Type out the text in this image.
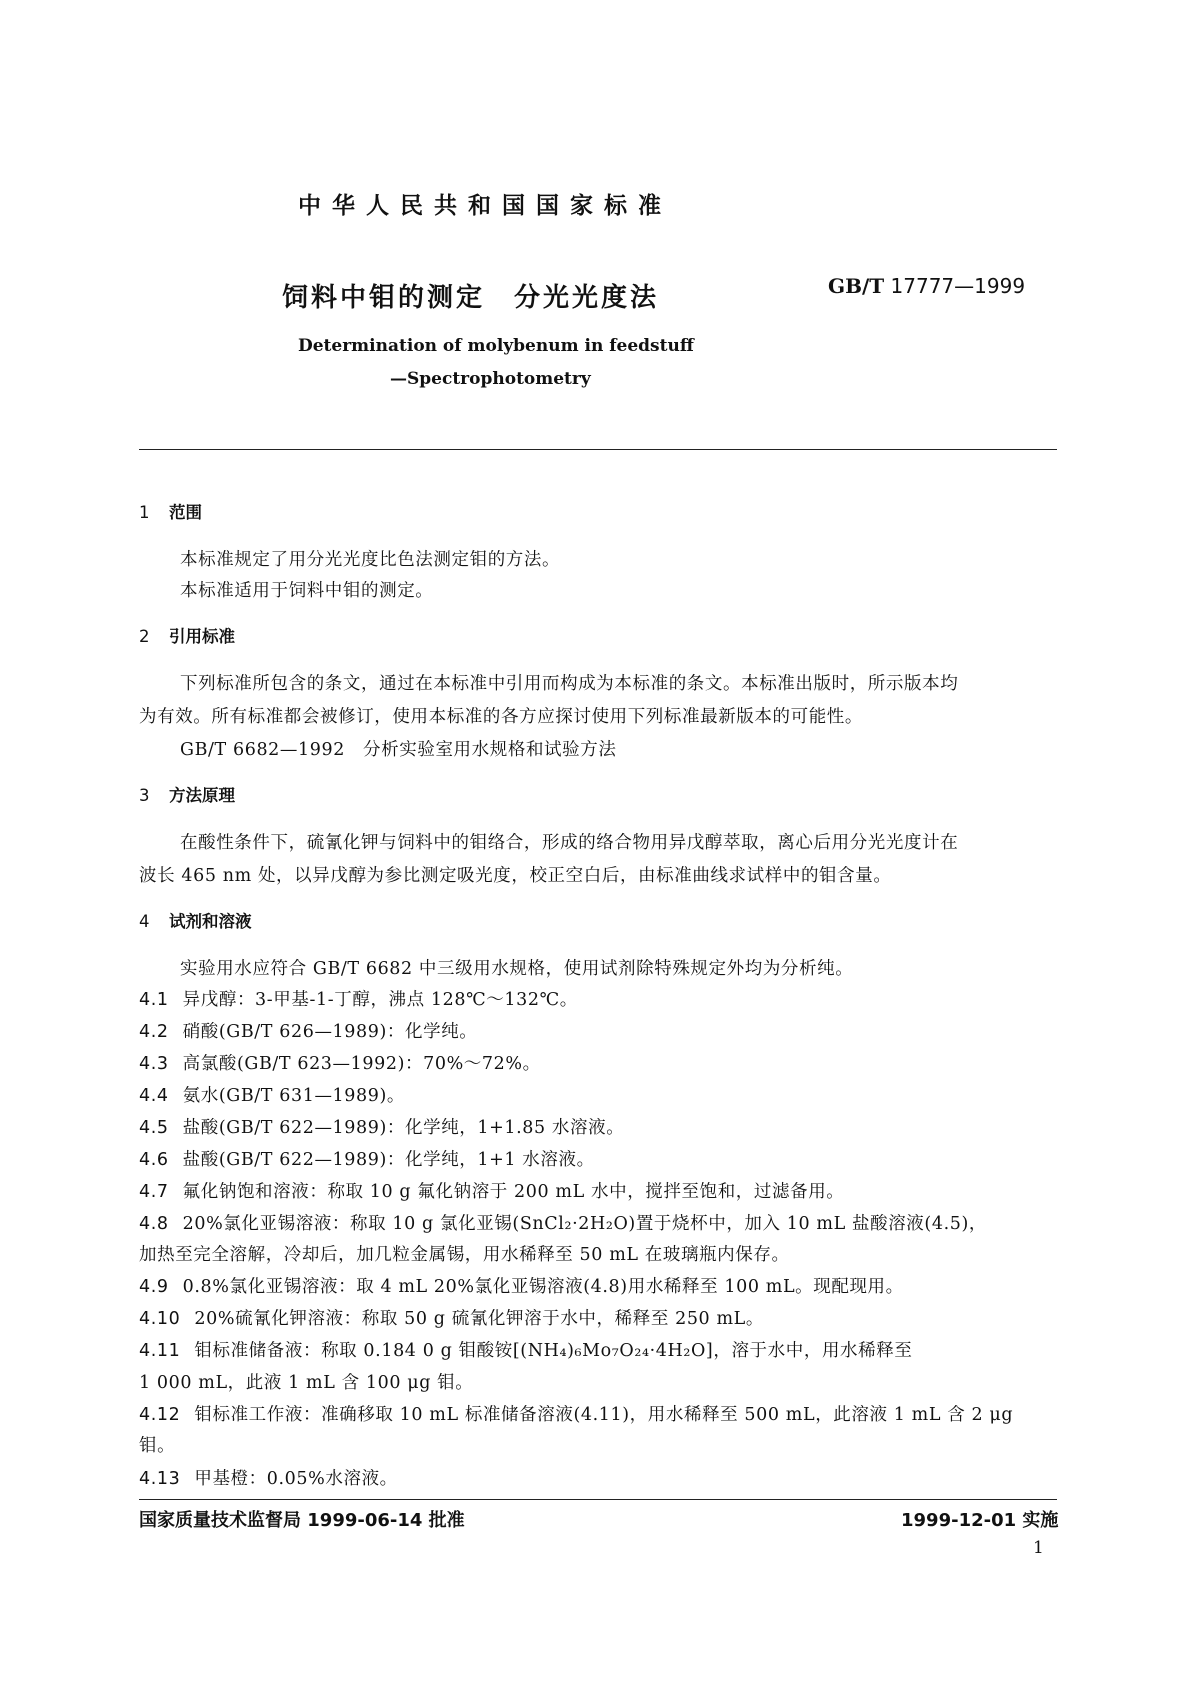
中华人民共和国国家标准
饲料中钼的测定　分光光度法	GB/T 17777—1999
Determination of molybenum in feedstuff
—Spectrophotometry
1 范围
本标准规定了用分光光度比色法测定钼的方法。
本标准适用于饲料中钼的测定。
2 引用标准
下列标准所包含的条文，通过在本标准中引用而构成为本标准的条文。本标准出版时，所示版本均
为有效。所有标准都会被修订，使用本标准的各方应探讨使用下列标准最新版本的可能性。
GB/T 6682—1992　分析实验室用水规格和试验方法
3 方法原理
在酸性条件下，硫氰化钾与饲料中的钼络合，形成的络合物用异戊醇萃取，离心后用分光光度计在
波长 465 nm 处，以异戊醇为参比测定吸光度，校正空白后，由标准曲线求试样中的钼含量。
4 试剂和溶液
实验用水应符合 GB/T 6682 中三级用水规格，使用试剂除特殊规定外均为分析纯。
4.1 异戊醇：3-甲基-1-丁醇，沸点 128℃～132℃。
4.2 硝酸(GB/T 626—1989)：化学纯。
4.3 高氯酸(GB/T 623—1992)：70%～72%。
4.4 氨水(GB/T 631—1989)。
4.5 盐酸(GB/T 622—1989)：化学纯，1+1.85 水溶液。
4.6 盐酸(GB/T 622—1989)：化学纯，1+1 水溶液。
4.7 氟化钠饱和溶液：称取 10 g 氟化钠溶于 200 mL 水中，搅拌至饱和，过滤备用。
4.8 20%氯化亚锡溶液：称取 10 g 氯化亚锡(SnCl₂·2H₂O)置于烧杯中，加入 10 mL 盐酸溶液(4.5)，
加热至完全溶解，冷却后，加几粒金属锡，用水稀释至 50 mL 在玻璃瓶内保存。
4.9 0.8%氯化亚锡溶液：取 4 mL 20%氯化亚锡溶液(4.8)用水稀释至 100 mL。现配现用。
4.10 20%硫氰化钾溶液：称取 50 g 硫氰化钾溶于水中，稀释至 250 mL。
4.11 钼标准储备液：称取 0.184 0 g 钼酸铵[(NH₄)₆Mo₇O₂₄·4H₂O]，溶于水中，用水稀释至
1 000 mL，此液 1 mL 含 100 μg 钼。
4.12 钼标准工作液：准确移取 10 mL 标准储备溶液(4.11)，用水稀释至 500 mL，此溶液 1 mL 含 2 μg
钼。
4.13 甲基橙：0.05%水溶液。
国家质量技术监督局 1999-06-14 批准	1999-12-01 实施
1
